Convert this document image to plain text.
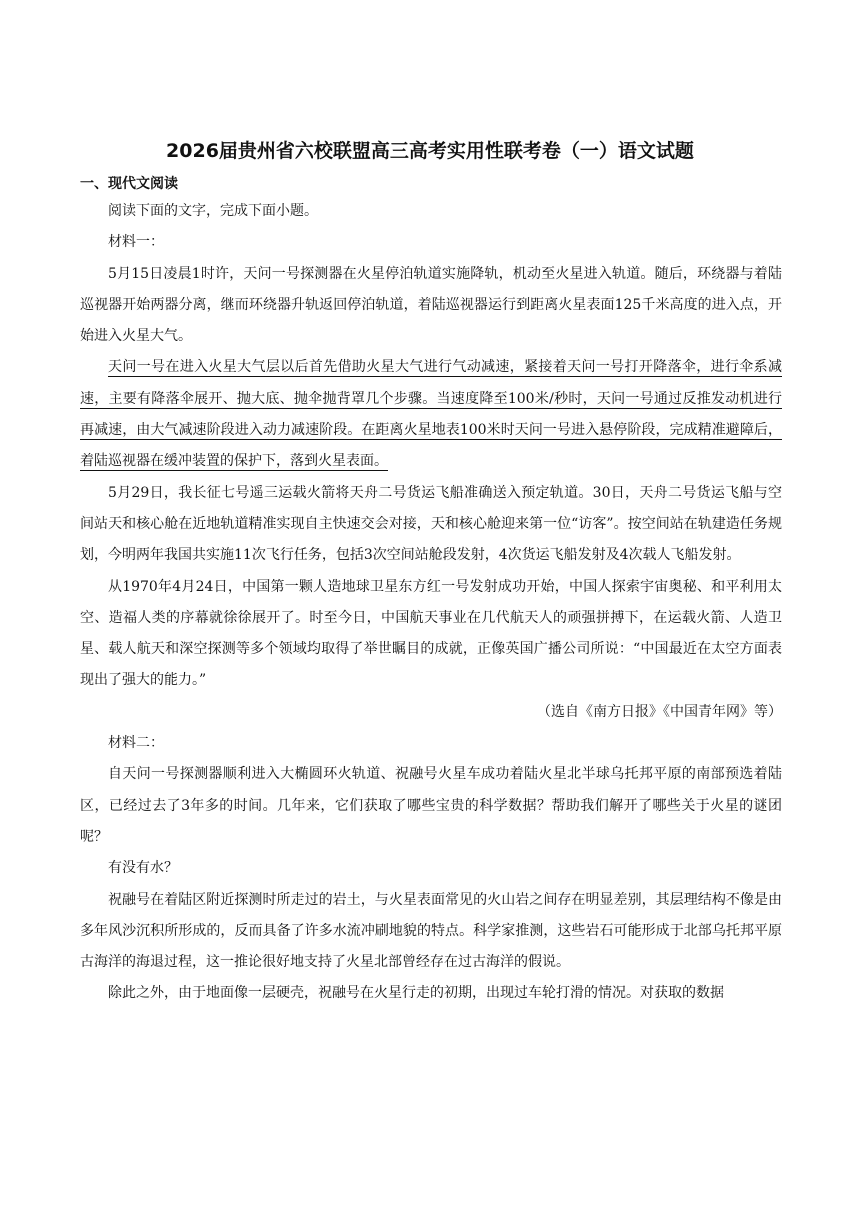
2026届贵州省六校联盟高三高考实用性联考卷（一）语文试题
一、现代文阅读

阅读下面的文字，完成下面小题。

材料一：

5月15日凌晨1时许，天问一号探测器在火星停泊轨道实施降轨，机动至火星进入轨道。随后，环绕器与着陆巡视器开始两器分离，继而环绕器升轨返回停泊轨道，着陆巡视器运行到距离火星表面125千米高度的进入点，开始进入火星大气。

天问一号在进入火星大气层以后首先借助火星大气进行气动减速，紧接着天问一号打开降落伞，进行伞系减速，主要有降落伞展开、抛大底、抛伞抛背罩几个步骤。当速度降至100米/秒时，天问一号通过反推发动机进行再减速，由大气减速阶段进入动力减速阶段。在距离火星地表100米时天问一号进入悬停阶段，完成精准避障后，着陆巡视器在缓冲装置的保护下，落到火星表面。

5月29日，我长征七号遥三运载火箭将天舟二号货运飞船准确送入预定轨道。30日，天舟二号货运飞船与空间站天和核心舱在近地轨道精准实现自主快速交会对接，天和核心舱迎来第一位“访客”。按空间站在轨建造任务规划，今明两年我国共实施11次飞行任务，包括3次空间站舱段发射，4次货运飞船发射及4次载人飞船发射。

从1970年4月24日，中国第一颗人造地球卫星东方红一号发射成功开始，中国人探索宇宙奥秘、和平利用太空、造福人类的序幕就徐徐展开了。时至今日，中国航天事业在几代航天人的顽强拼搏下，在运载火箭、人造卫星、载人航天和深空探测等多个领域均取得了举世瞩目的成就，正像英国广播公司所说：“中国最近在太空方面表现出了强大的能力。”

（选自《南方日报》《中国青年网》等）

材料二：

自天问一号探测器顺利进入大椭圆环火轨道、祝融号火星车成功着陆火星北半球乌托邦平原的南部预选着陆区，已经过去了3年多的时间。几年来，它们获取了哪些宝贵的科学数据？帮助我们解开了哪些关于火星的谜团呢？

有没有水？

祝融号在着陆区附近探测时所走过的岩土，与火星表面常见的火山岩之间存在明显差别，其层理结构不像是由多年风沙沉积所形成的，反而具备了许多水流冲刷地貌的特点。科学家推测，这些岩石可能形成于北部乌托邦平原古海洋的海退过程，这一推论很好地支持了火星北部曾经存在过古海洋的假说。

除此之外，由于地面像一层硬壳，祝融号在火星行走的初期，出现过车轮打滑的情况。对获取的数据
